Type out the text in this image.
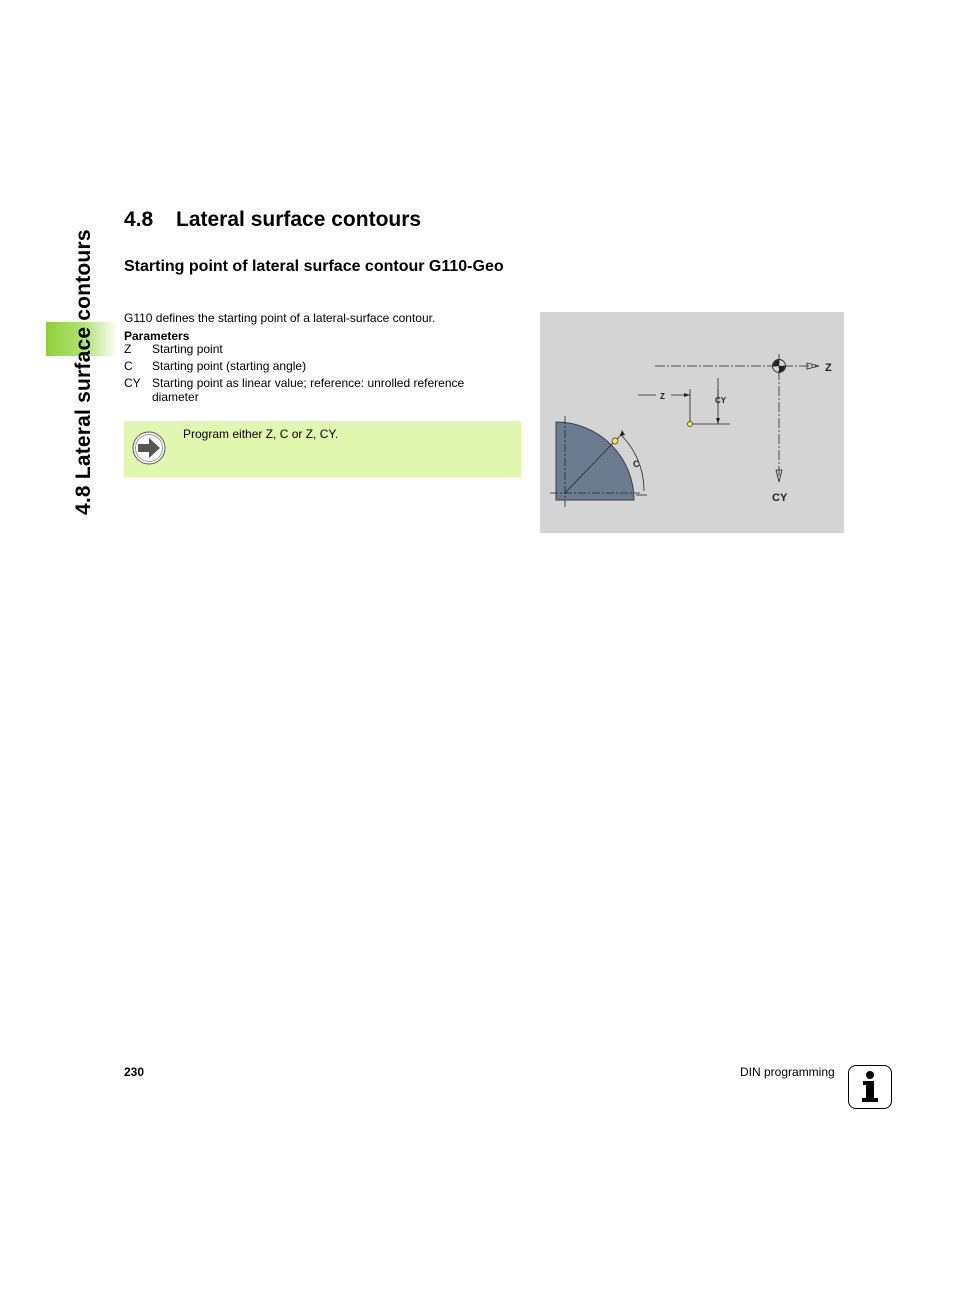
4.8 Lateral surface contours
4.8 Lateral surface contours
Starting point of lateral surface contour G110-Geo

G110 defines the starting point of a lateral-surface contour.

Parameters

Z	Starting point
C	Starting point (starting angle)
CY Starting point as linear value; reference: unrolled reference diameter
Program either Z, C or Z, CY.
C
Z
CY
Z	CY
230	DIN programming
